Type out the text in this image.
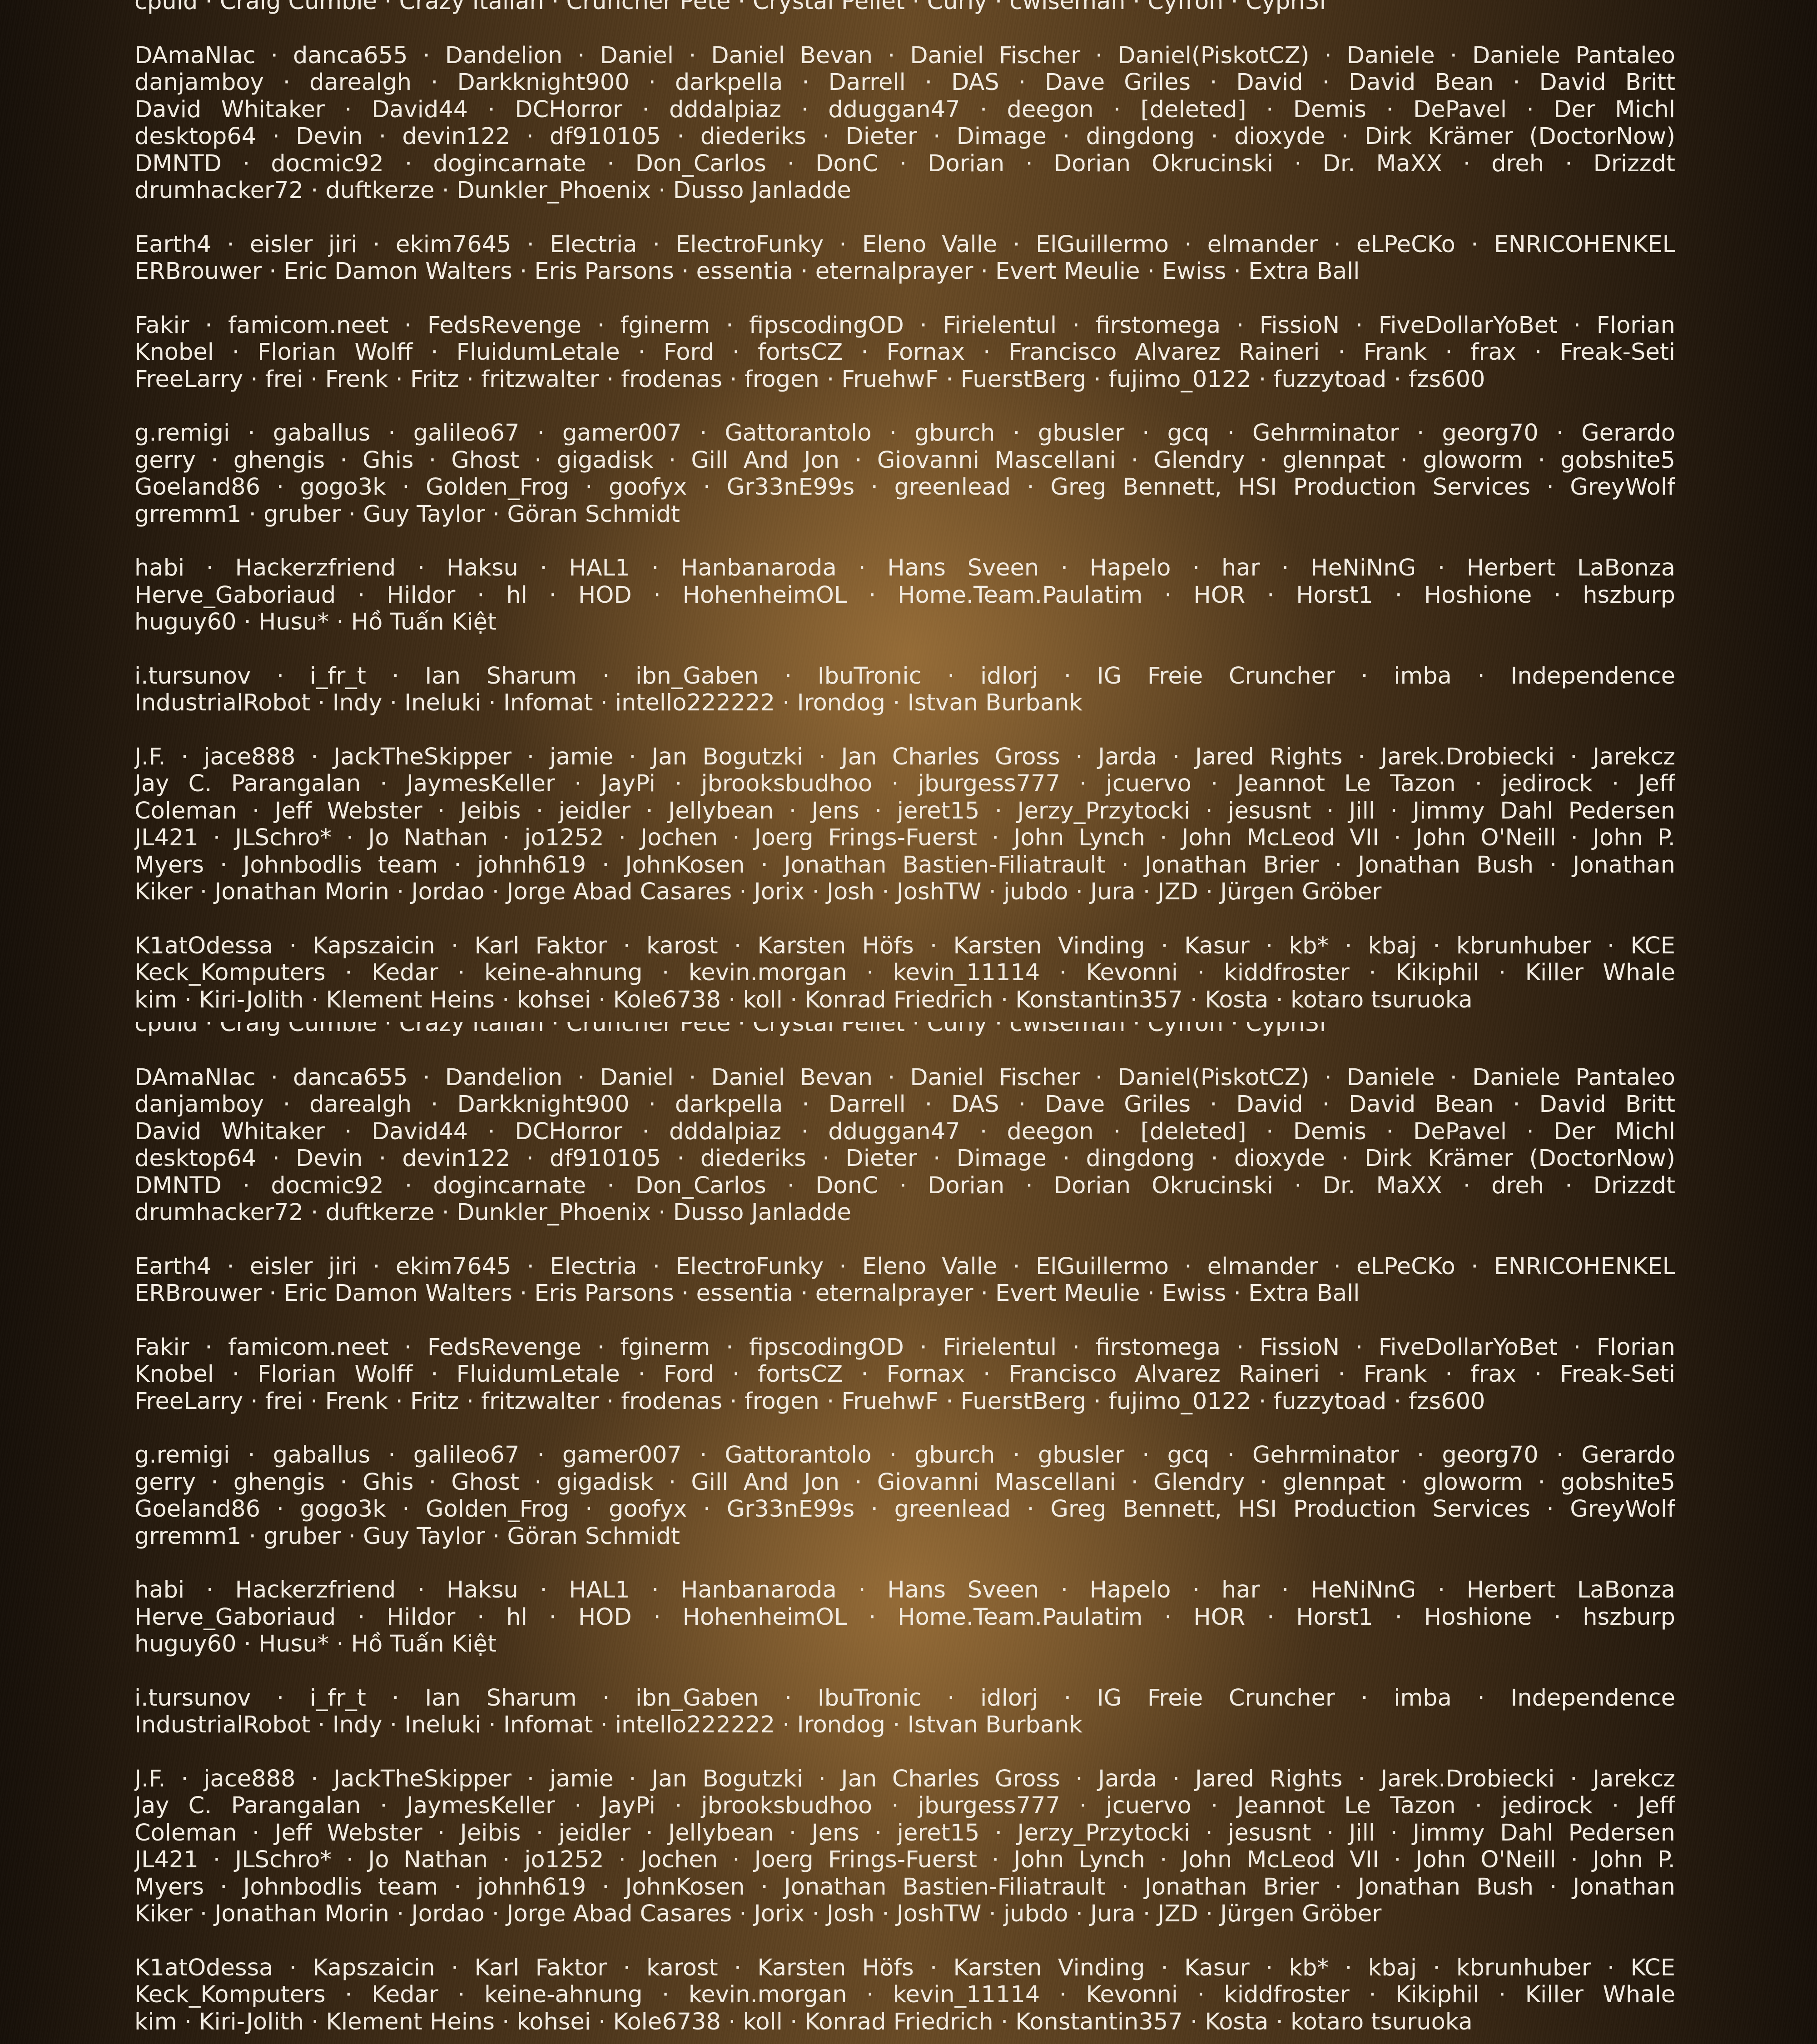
cpuid · Craig Cumbie · Crazy Italian · Cruncher Pete · Crystal Pellet · Curly · cwiseman · Cyfron · Cyph3r
DAmaNIac · danca655 · Dandelion · Daniel · Daniel Bevan · Daniel Fischer · Daniel(PiskotCZ) · Daniele · Daniele Pantaleo
danjamboy · darealgh · Darkknight900 · darkpella · Darrell · DAS · Dave Griles · David · David Bean · David Britt
David Whitaker · David44 · DCHorror · dddalpiaz · dduggan47 · deegon · [deleted] · Demis · DePavel · Der Michl
desktop64 · Devin · devin122 · df910105 · diederiks · Dieter · Dimage · dingdong · dioxyde · Dirk Krämer (DoctorNow)
DMNTD · docmic92 · dogincarnate · Don_Carlos · DonC · Dorian · Dorian Okrucinski · Dr. MaXX · dreh · Drizzdt
drumhacker72 · duftkerze · Dunkler_Phoenix · Dusso Janladde
Earth4 · eisler jiri · ekim7645 · Electria · ElectroFunky · Eleno Valle · ElGuillermo · elmander · eLPeCKo · ENRICOHENKEL
ERBrouwer · Eric Damon Walters · Eris Parsons · essentia · eternalprayer · Evert Meulie · Ewiss · Extra Ball
Fakir · famicom.neet · FedsRevenge · fginerm · fipscodingOD · Firielentul · firstomega · FissioN · FiveDollarYoBet · Florian
Knobel · Florian Wolff · FluidumLetale · Ford · fortsCZ · Fornax · Francisco Alvarez Raineri · Frank · frax · Freak-Seti
FreeLarry · frei · Frenk · Fritz · fritzwalter · frodenas · frogen · FruehwF · FuerstBerg · fujimo_0122 · fuzzytoad · fzs600
g.remigi · gaballus · galileo67 · gamer007 · Gattorantolo · gburch · gbusler · gcq · Gehrminator · georg70 · Gerardo
gerry · ghengis · Ghis · Ghost · gigadisk · Gill And Jon · Giovanni Mascellani · Glendry · glennpat · gloworm · gobshite5
Goeland86 · gogo3k · Golden_Frog · goofyx · Gr33nE99s · greenlead · Greg Bennett, HSI Production Services · GreyWolf
grremm1 · gruber · Guy Taylor · Göran Schmidt
habi · Hackerzfriend · Haksu · HAL1 · Hanbanaroda · Hans Sveen · Hapelo · har · HeNiNnG · Herbert LaBonza
Herve_Gaboriaud · Hildor · hl · HOD · HohenheimOL · Home.Team.Paulatim · HOR · Horst1 · Hoshione · hszburp
huguy60 · Husu* · Hồ Tuấn Kiệt
i.tursunov · i_fr_t · Ian Sharum · ibn_Gaben · IbuTronic · idlorj · IG Freie Cruncher · imba · Independence
IndustrialRobot · Indy · Ineluki · Infomat · intello222222 · Irondog · Istvan Burbank
J.F. · jace888 · JackTheSkipper · jamie · Jan Bogutzki · Jan Charles Gross · Jarda · Jared Rights · Jarek.Drobiecki · Jarekcz
Jay C. Parangalan · JaymesKeller · JayPi · jbrooksbudhoo · jburgess777 · jcuervo · Jeannot Le Tazon · jedirock · Jeff
Coleman · Jeff Webster · Jeibis · jeidler · Jellybean · Jens · jeret15 · Jerzy_Przytocki · jesusnt · Jill · Jimmy Dahl Pedersen
JL421 · JLSchro* · Jo Nathan · jo1252 · Jochen · Joerg Frings-Fuerst · John Lynch · John McLeod VII · John O'Neill · John P.
Myers · Johnbodlis team · johnh619 · JohnKosen · Jonathan Bastien-Filiatrault · Jonathan Brier · Jonathan Bush · Jonathan
Kiker · Jonathan Morin · Jordao · Jorge Abad Casares · Jorix · Josh · JoshTW · jubdo · Jura · JZD · Jürgen Gröber
K1atOdessa · Kapszaicin · Karl Faktor · karost · Karsten Höfs · Karsten Vinding · Kasur · kb* · kbaj · kbrunhuber · KCE
Keck_Komputers · Kedar · keine-ahnung · kevin.morgan · kevin_11114 · Kevonni · kiddfroster · Kikiphil · Killer Whale
kim · Kiri-Jolith · Klement Heins · kohsei · Kole6738 · koll · Konrad Friedrich · Konstantin357 · Kosta · kotaro tsuruoka
cpuid · Craig Cumbie · Crazy Italian · Cruncher Pete · Crystal Pellet · Curly · cwiseman · Cyfron · Cyph3r
DAmaNIac · danca655 · Dandelion · Daniel · Daniel Bevan · Daniel Fischer · Daniel(PiskotCZ) · Daniele · Daniele Pantaleo
danjamboy · darealgh · Darkknight900 · darkpella · Darrell · DAS · Dave Griles · David · David Bean · David Britt
David Whitaker · David44 · DCHorror · dddalpiaz · dduggan47 · deegon · [deleted] · Demis · DePavel · Der Michl
desktop64 · Devin · devin122 · df910105 · diederiks · Dieter · Dimage · dingdong · dioxyde · Dirk Krämer (DoctorNow)
DMNTD · docmic92 · dogincarnate · Don_Carlos · DonC · Dorian · Dorian Okrucinski · Dr. MaXX · dreh · Drizzdt
drumhacker72 · duftkerze · Dunkler_Phoenix · Dusso Janladde
Earth4 · eisler jiri · ekim7645 · Electria · ElectroFunky · Eleno Valle · ElGuillermo · elmander · eLPeCKo · ENRICOHENKEL
ERBrouwer · Eric Damon Walters · Eris Parsons · essentia · eternalprayer · Evert Meulie · Ewiss · Extra Ball
Fakir · famicom.neet · FedsRevenge · fginerm · fipscodingOD · Firielentul · firstomega · FissioN · FiveDollarYoBet · Florian
Knobel · Florian Wolff · FluidumLetale · Ford · fortsCZ · Fornax · Francisco Alvarez Raineri · Frank · frax · Freak-Seti
FreeLarry · frei · Frenk · Fritz · fritzwalter · frodenas · frogen · FruehwF · FuerstBerg · fujimo_0122 · fuzzytoad · fzs600
g.remigi · gaballus · galileo67 · gamer007 · Gattorantolo · gburch · gbusler · gcq · Gehrminator · georg70 · Gerardo
gerry · ghengis · Ghis · Ghost · gigadisk · Gill And Jon · Giovanni Mascellani · Glendry · glennpat · gloworm · gobshite5
Goeland86 · gogo3k · Golden_Frog · goofyx · Gr33nE99s · greenlead · Greg Bennett, HSI Production Services · GreyWolf
grremm1 · gruber · Guy Taylor · Göran Schmidt
habi · Hackerzfriend · Haksu · HAL1 · Hanbanaroda · Hans Sveen · Hapelo · har · HeNiNnG · Herbert LaBonza
Herve_Gaboriaud · Hildor · hl · HOD · HohenheimOL · Home.Team.Paulatim · HOR · Horst1 · Hoshione · hszburp
huguy60 · Husu* · Hồ Tuấn Kiệt
i.tursunov · i_fr_t · Ian Sharum · ibn_Gaben · IbuTronic · idlorj · IG Freie Cruncher · imba · Independence
IndustrialRobot · Indy · Ineluki · Infomat · intello222222 · Irondog · Istvan Burbank
J.F. · jace888 · JackTheSkipper · jamie · Jan Bogutzki · Jan Charles Gross · Jarda · Jared Rights · Jarek.Drobiecki · Jarekcz
Jay C. Parangalan · JaymesKeller · JayPi · jbrooksbudhoo · jburgess777 · jcuervo · Jeannot Le Tazon · jedirock · Jeff
Coleman · Jeff Webster · Jeibis · jeidler · Jellybean · Jens · jeret15 · Jerzy_Przytocki · jesusnt · Jill · Jimmy Dahl Pedersen
JL421 · JLSchro* · Jo Nathan · jo1252 · Jochen · Joerg Frings-Fuerst · John Lynch · John McLeod VII · John O'Neill · John P.
Myers · Johnbodlis team · johnh619 · JohnKosen · Jonathan Bastien-Filiatrault · Jonathan Brier · Jonathan Bush · Jonathan
Kiker · Jonathan Morin · Jordao · Jorge Abad Casares · Jorix · Josh · JoshTW · jubdo · Jura · JZD · Jürgen Gröber
K1atOdessa · Kapszaicin · Karl Faktor · karost · Karsten Höfs · Karsten Vinding · Kasur · kb* · kbaj · kbrunhuber · KCE
Keck_Komputers · Kedar · keine-ahnung · kevin.morgan · kevin_11114 · Kevonni · kiddfroster · Kikiphil · Killer Whale
kim · Kiri-Jolith · Klement Heins · kohsei · Kole6738 · koll · Konrad Friedrich · Konstantin357 · Kosta · kotaro tsuruoka
